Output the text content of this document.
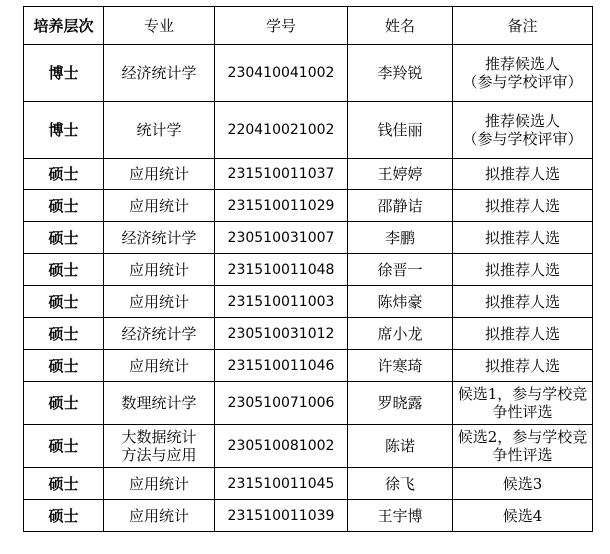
培养层次	专业	学号	姓名	备注
博士	经济统计学	230410041002	李羚锐	推荐候选人
（参与学校评审）

博士	统计学	220410021002	钱佳丽	推荐候选人
（参与学校评审）

硕士	应用统计	231510011037	王婷婷	拟推荐人选

硕士	应用统计	231510011029	邵静诘	拟推荐人选

硕士	经济统计学	230510031007	李鹏	拟推荐人选

硕士	应用统计	231510011048	徐晋一	拟推荐人选

硕士	应用统计	231510011003	陈炜豪	拟推荐人选

硕士	经济统计学	230510031012	席小龙	拟推荐人选

硕士	应用统计	231510011046	许寒琦	拟推荐人选

硕士	数理统计学	230510071006	罗晓露	候选1，参与学校竞
争性评选

硕士	大数据统计
方法与应用	230510081002	陈诺	候选2，参与学校竞
争性评选

硕士	应用统计	231510011045	徐飞	候选3

硕士	应用统计	231510011039	王宇博	候选4
